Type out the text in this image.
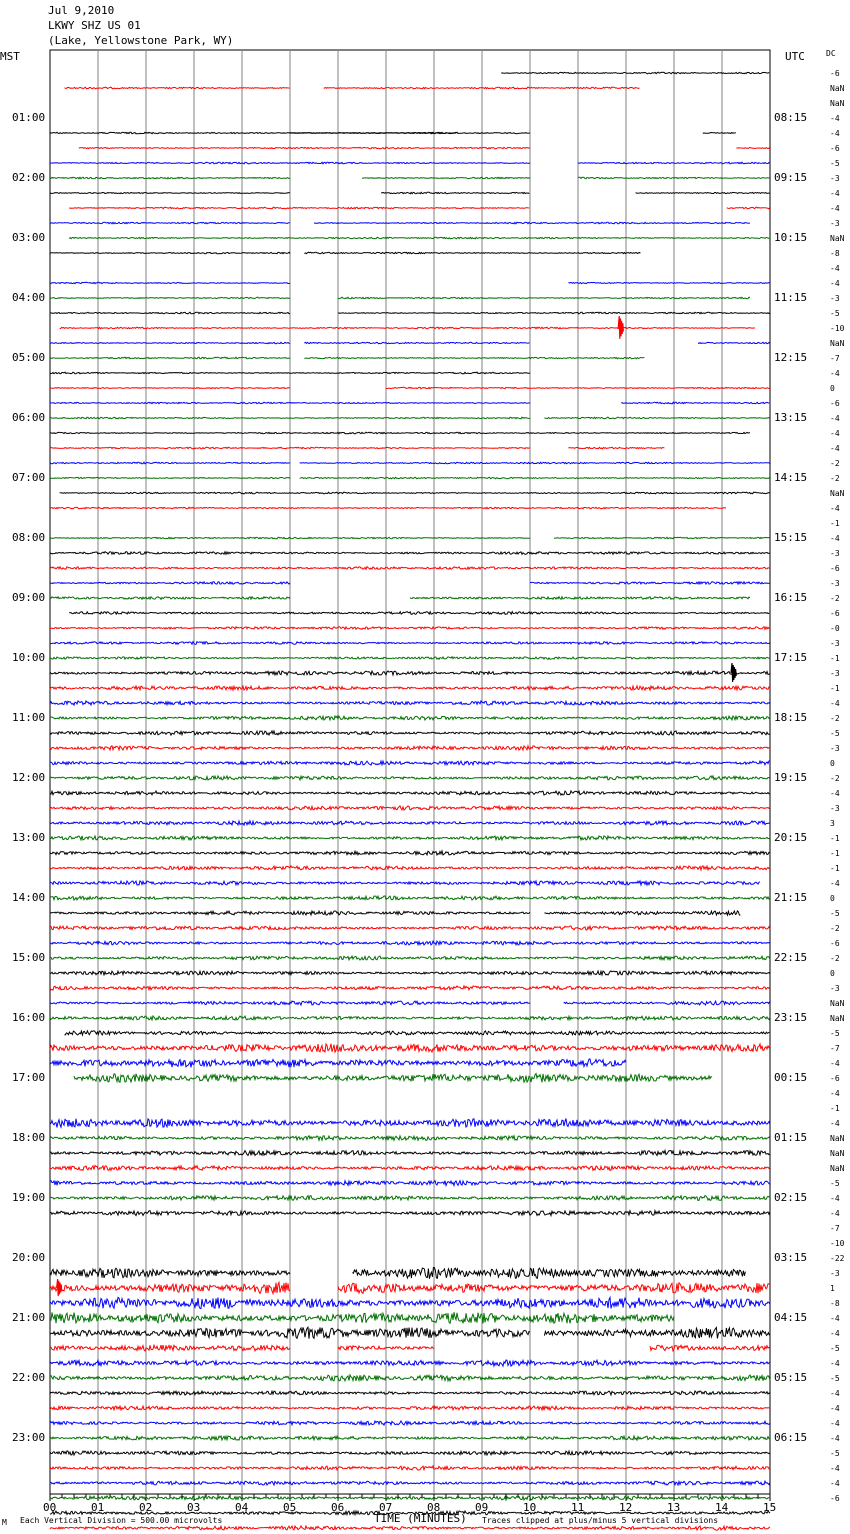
Jul 9,2010
LKWY SHZ US 01
(Lake, Yellowstone Park, WY)
MST	UTC	DC
00	01	02	03	04	05	06	07	08	09	10	11	12	13	14	15
01:00
02:00
03:00
04:00
05:00
06:00
07:00
08:00
09:00
10:00
11:00
12:00
13:00
14:00
15:00
16:00
17:00
18:00
19:00
20:00
21:00
22:00
23:00
08:15
09:15
10:15
11:15
12:15
13:15
14:15
15:15
16:15
17:15
18:15
19:15
20:15
21:15
22:15
23:15
00:15
01:15
02:15
03:15
04:15
05:15
06:15
-6
NaN
NaN
-4
-4
-6
-5
-3
-4
-4
-3
NaN
-8
-4
-4
-3
-5
-10
NaN
-7
-4
0
-6
-4
-4
-4
-2
-2
NaN
-4
-1
-4
-3
-6
-3
-2
-6
-0
-3
-1
-3
-1
-4
-2
-5
-3
0
-2
-4
-3
3
-1
-1
-1
-4
0
-5
-2
-6
-2
0
-3
NaN
NaN
-5
-7
-4
-6
-4
-1
-4
NaN
NaN
NaN
-5
-4
-4
-7
-10
-22
-3
1
-8
-4
-4
-5
-4
-5
-4
-4
-4
-4
-5
-4
-4
-6
M Each Vertical Division = 500.00 microvolts	TIME (MINUTES) Traces clipped at plus/minus 5 vertical divisions
